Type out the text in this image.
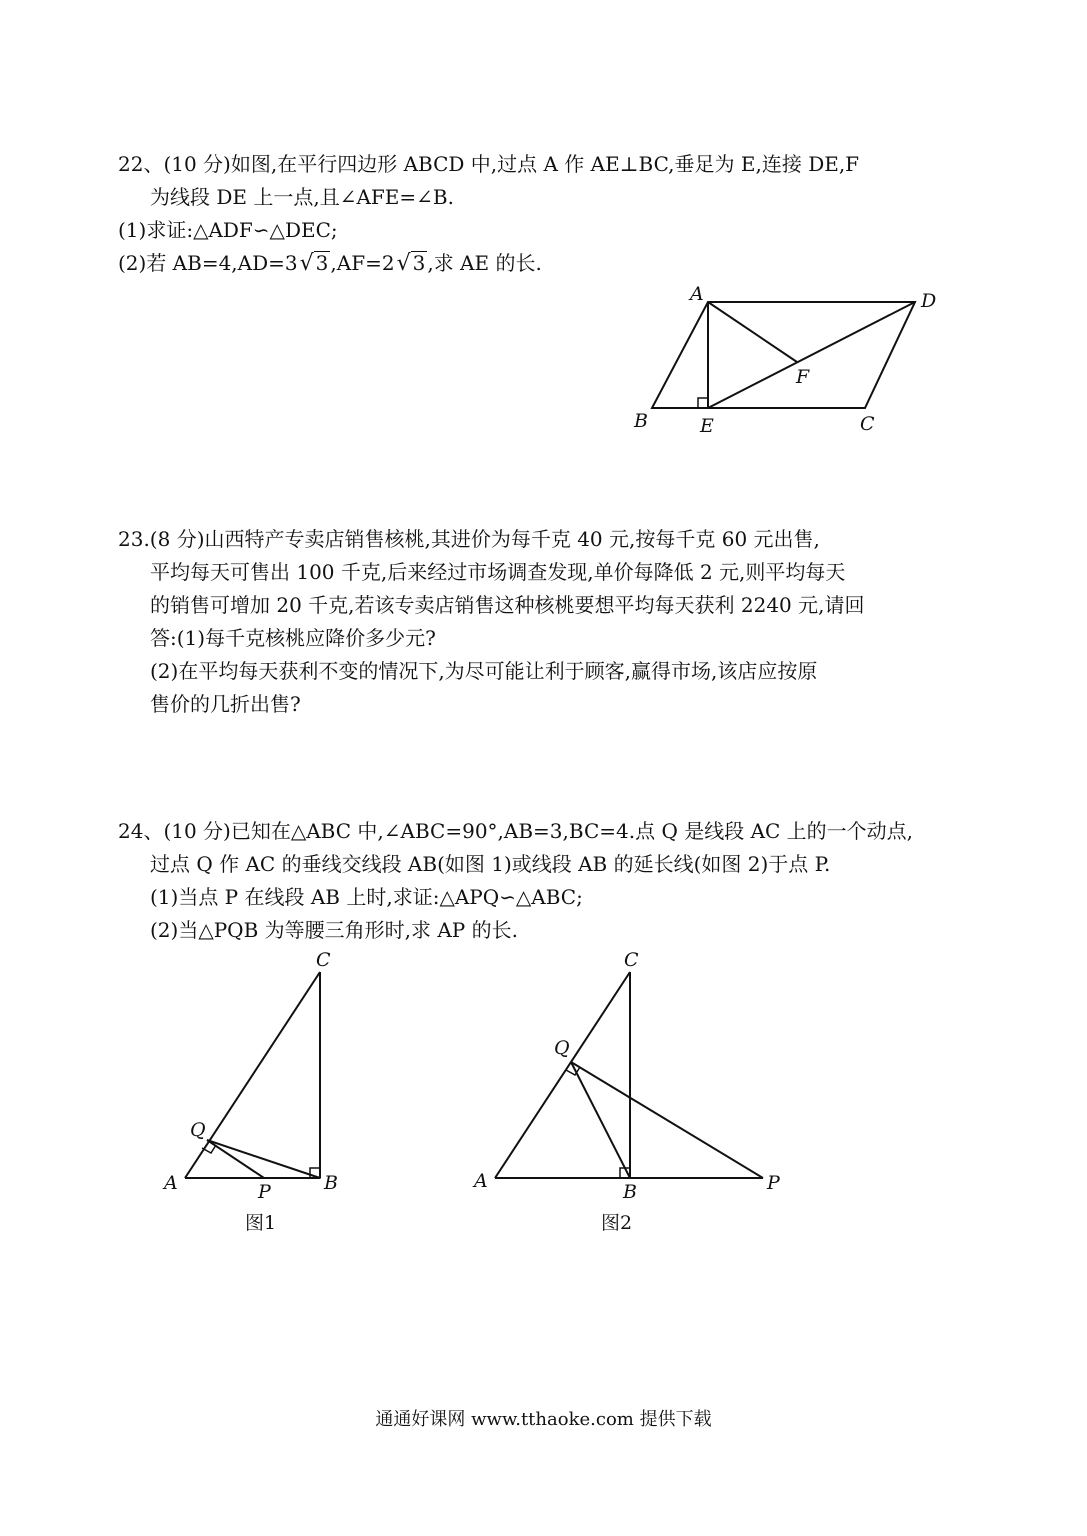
22、(10 分)如图,在平行四边形 ABCD 中,过点 A 作 AE⊥BC,垂足为 E,连接 DE,F
为线段 DE 上一点,且∠AFE=∠B.
(1)求证:△ADF∽△DEC;
(2)若 AB=4,AD=3√ 3 ,AF=2√ 3 ,求 AE 的长.
A	D
F
B	E	C
23.(8 分)山西特产专卖店销售核桃,其进价为每千克 40 元,按每千克 60 元出售,
平均每天可售出 100 千克,后来经过市场调查发现,单价每降低 2 元,则平均每天
的销售可增加 20 千克,若该专卖店销售这种核桃要想平均每天获利 2240 元,请回
答:(1)每千克核桃应降价多少元?
(2)在平均每天获利不变的情况下,为尽可能让利于顾客,赢得市场,该店应按原
售价的几折出售?
24、(10 分)已知在△ABC 中,∠ABC=90°,AB=3,BC=4.点 Q 是线段 AC 上的一个动点,
过点 Q 作 AC 的垂线交线段 AB(如图 1)或线段 AB 的延长线(如图 2)于点 P.
(1)当点 P 在线段 AB 上时,求证:△APQ∽△ABC;
(2)当△PQB 为等腰三角形时,求 AP 的长.
C
Q
A	B
P
图1
C
Q
A	B	P
图2
通通好课网 www.tthaoke.com 提供下载
